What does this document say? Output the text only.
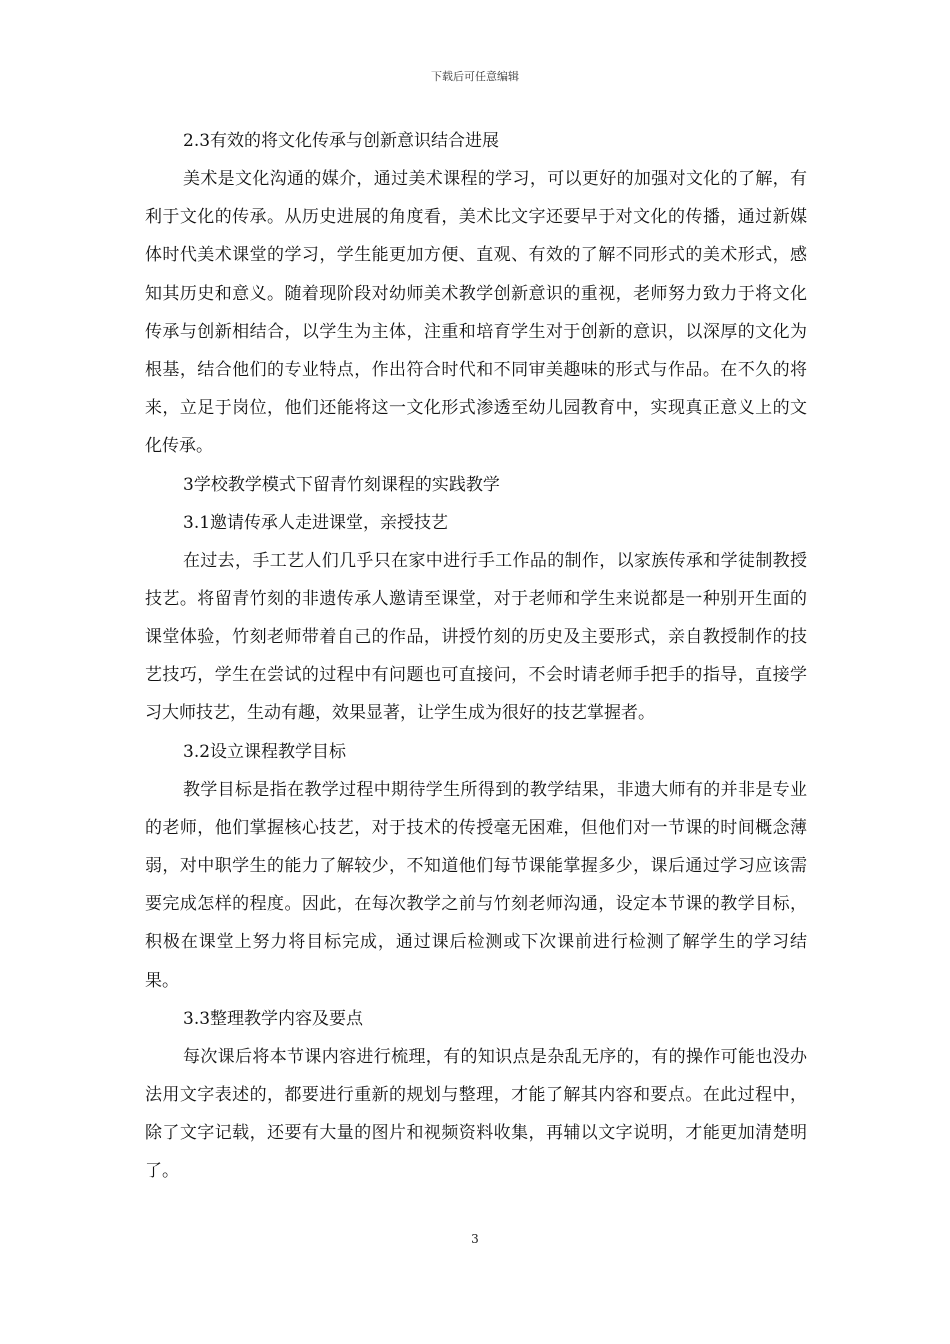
下载后可任意编辑
2.3有效的将文化传承与创新意识结合进展

美术是文化沟通的媒介，通过美术课程的学习，可以更好的加强对文化的了解，有利于文化的传承。从历史进展的角度看，美术比文字还要早于对文化的传播，通过新媒体时代美术课堂的学习，学生能更加方便、直观、有效的了解不同形式的美术形式，感知其历史和意义。随着现阶段对幼师美术教学创新意识的重视，老师努力致力于将文化传承与创新相结合，以学生为主体，注重和培育学生对于创新的意识，以深厚的文化为根基，结合他们的专业特点，作出符合时代和不同审美趣味的形式与作品。在不久的将来，立足于岗位，他们还能将这一文化形式渗透至幼儿园教育中，实现真正意义上的文化传承。

3学校教学模式下留青竹刻课程的实践教学
3.1邀请传承人走进课堂，亲授技艺

在过去，手工艺人们几乎只在家中进行手工作品的制作，以家族传承和学徒制教授技艺。将留青竹刻的非遗传承人邀请至课堂，对于老师和学生来说都是一种别开生面的课堂体验，竹刻老师带着自己的作品，讲授竹刻的历史及主要形式，亲自教授制作的技艺技巧，学生在尝试的过程中有问题也可直接问，不会时请老师手把手的指导，直接学习大师技艺，生动有趣，效果显著，让学生成为很好的技艺掌握者。

3.2设立课程教学目标

教学目标是指在教学过程中期待学生所得到的教学结果，非遗大师有的并非是专业的老师，他们掌握核心技艺，对于技术的传授毫无困难，但他们对一节课的时间概念薄弱，对中职学生的能力了解较少，不知道他们每节课能掌握多少，课后通过学习应该需要完成怎样的程度。因此，在每次教学之前与竹刻老师沟通，设定本节课的教学目标，积极在课堂上努力将目标完成，通过课后检测或下次课前进行检测了解学生的学习结果。

3.3整理教学内容及要点

每次课后将本节课内容进行梳理，有的知识点是杂乱无序的，有的操作可能也没办法用文字表述的，都要进行重新的规划与整理，才能了解其内容和要点。在此过程中，除了文字记载，还要有大量的图片和视频资料收集，再辅以文字说明，才能更加清楚明了。

3
